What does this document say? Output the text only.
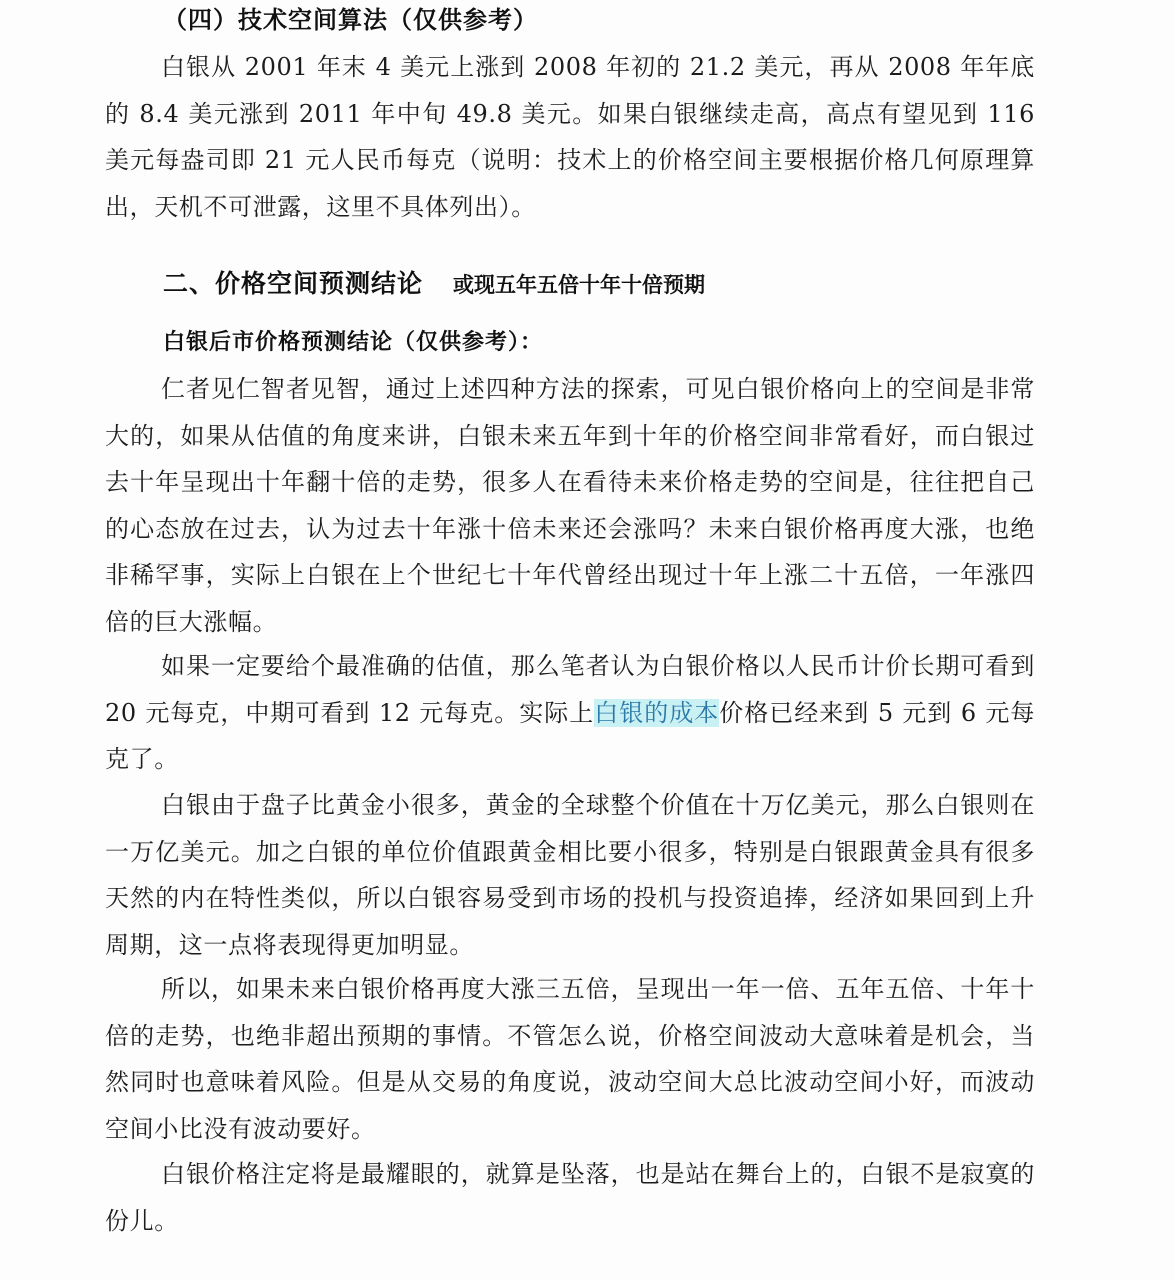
（四）技术空间算法（仅供参考）

白银从 2001 年末 4 美元上涨到 2008 年初的 21.2 美元，再从 2008 年年底的 8.4 美元涨到 2011 年中旬 49.8 美元。如果白银继续走高，高点有望见到 116 美元每盎司即 21 元人民币每克（说明：技术上的价格空间主要根据价格几何原理算出，天机不可泄露，这里不具体列出）。

二、价格空间预测结论 或现五年五倍十年十倍预期
白银后市价格预测结论（仅供参考）：

仁者见仁智者见智，通过上述四种方法的探索，可见白银价格向上的空间是非常大的，如果从估值的角度来讲，白银未来五年到十年的价格空间非常看好，而白银过去十年呈现出十年翻十倍的走势，很多人在看待未来价格走势的空间是，往往把自己的心态放在过去，认为过去十年涨十倍未来还会涨吗？未来白银价格再度大涨，也绝非稀罕事，实际上白银在上个世纪七十年代曾经出现过十年上涨二十五倍，一年涨四倍的巨大涨幅。

如果一定要给个最准确的估值，那么笔者认为白银价格以人民币计价长期可看到 20 元每克，中期可看到 12 元每克。实际上白银的成本价格已经来到 5 元到 6 元每克了。

白银由于盘子比黄金小很多，黄金的全球整个价值在十万亿美元，那么白银则在一万亿美元。加之白银的单位价值跟黄金相比要小很多，特别是白银跟黄金具有很多天然的内在特性类似，所以白银容易受到市场的投机与投资追捧，经济如果回到上升周期，这一点将表现得更加明显。

所以，如果未来白银价格再度大涨三五倍，呈现出一年一倍、五年五倍、十年十倍的走势，也绝非超出预期的事情。不管怎么说，价格空间波动大意味着是机会，当然同时也意味着风险。但是从交易的角度说，波动空间大总比波动空间小好，而波动空间小比没有波动要好。

白银价格注定将是最耀眼的，就算是坠落，也是站在舞台上的，白银不是寂寞的份儿。
